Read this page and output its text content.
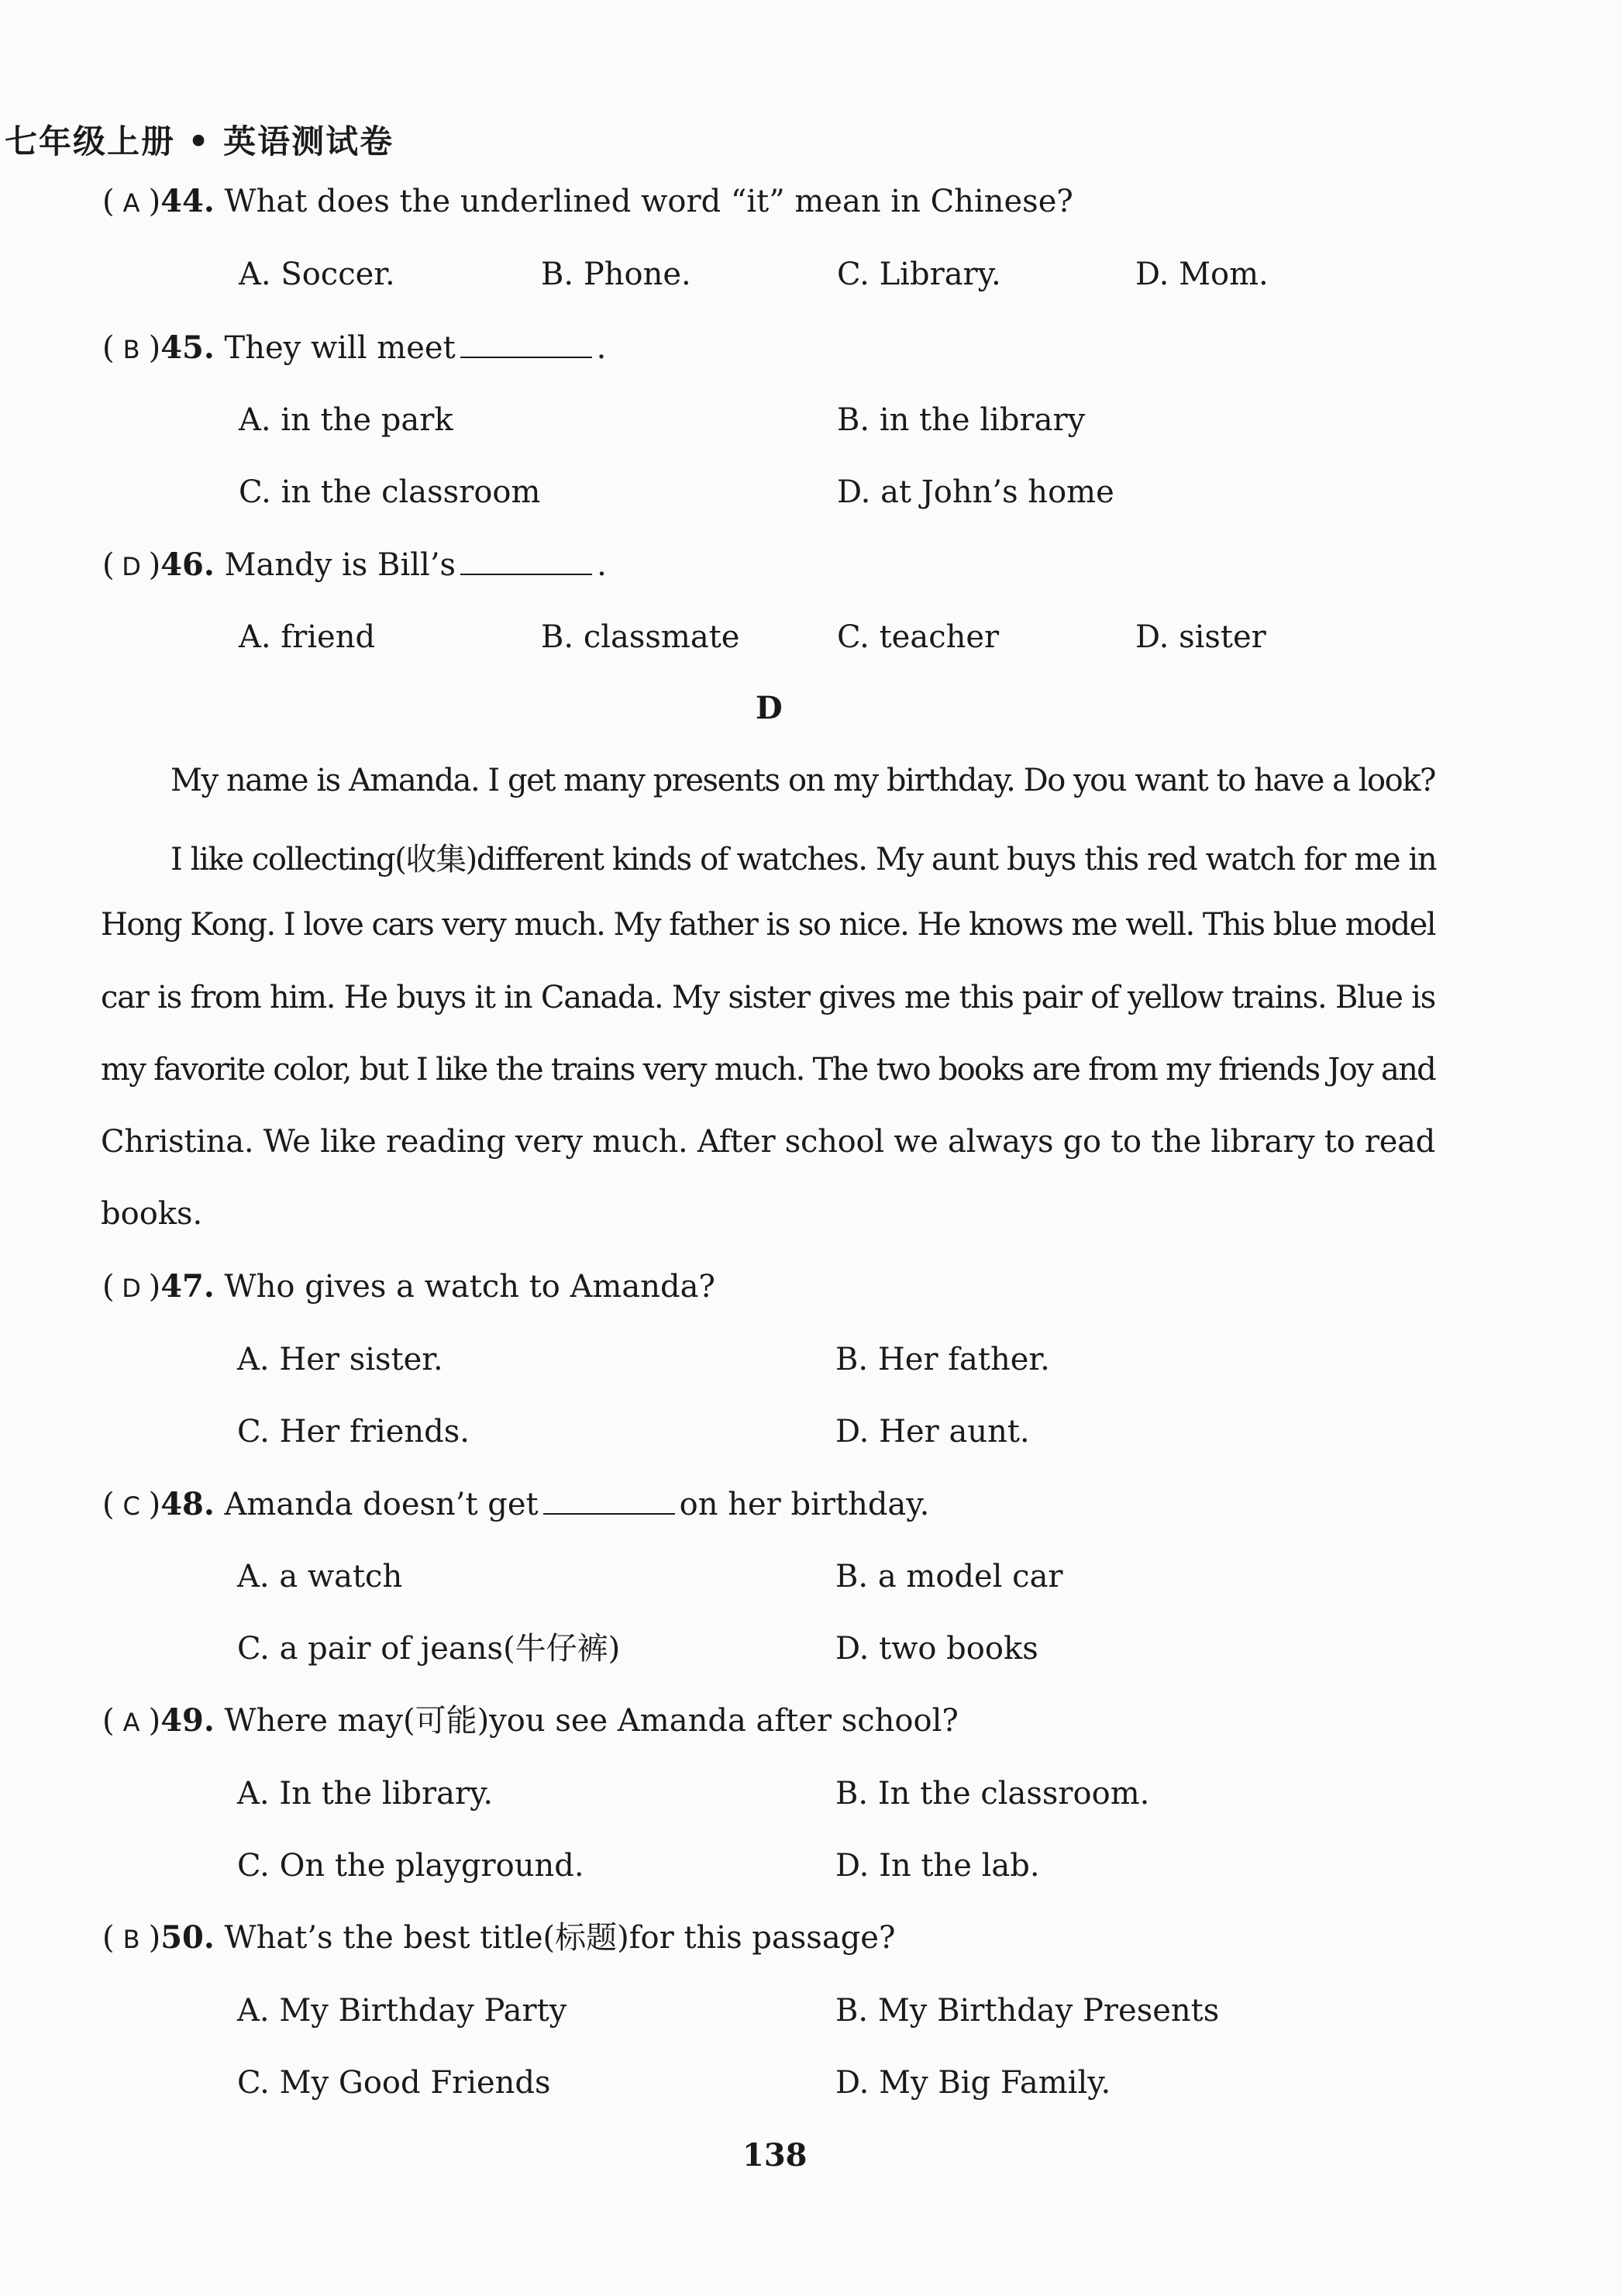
七年级上册 • 英语测试卷
( A )44. What does the underlined word “it” mean in Chinese?
A. Soccer.	B. Phone.	C. Library.	D. Mom.
( B )45. They will meet	.
A. in the park	B. in the library
C. in the classroom	D. at John’s home
( D )46. Mandy is Bill’s	.
A. friend	B. classmate	C. teacher	D. sister
D
My name is Amanda. I get many presents on my birthday. Do you want to have a look?
I like collecting(收集)different kinds of watches. My aunt buys this red watch for me in
Hong Kong. I love cars very much. My father is so nice. He knows me well. This blue model
car is from him. He buys it in Canada. My sister gives me this pair of yellow trains. Blue is
my favorite color, but I like the trains very much. The two books are from my friends Joy and
Christina. We like reading very much. After school we always go to the library to read
books.
( D )47. Who gives a watch to Amanda?
A. Her sister.	B. Her father.
C. Her friends.	D. Her aunt.
( C )48. Amanda doesn’t get	on her birthday.
A. a watch	B. a model car
C. a pair of jeans(牛仔裤)	D. two books
( A )49. Where may(可能)you see Amanda after school?
A. In the library.	B. In the classroom.
C. On the playground.	D. In the lab.
( B )50. What’s the best title(标题)for this passage?
A. My Birthday Party	B. My Birthday Presents
C. My Good Friends	D. My Big Family.
138
